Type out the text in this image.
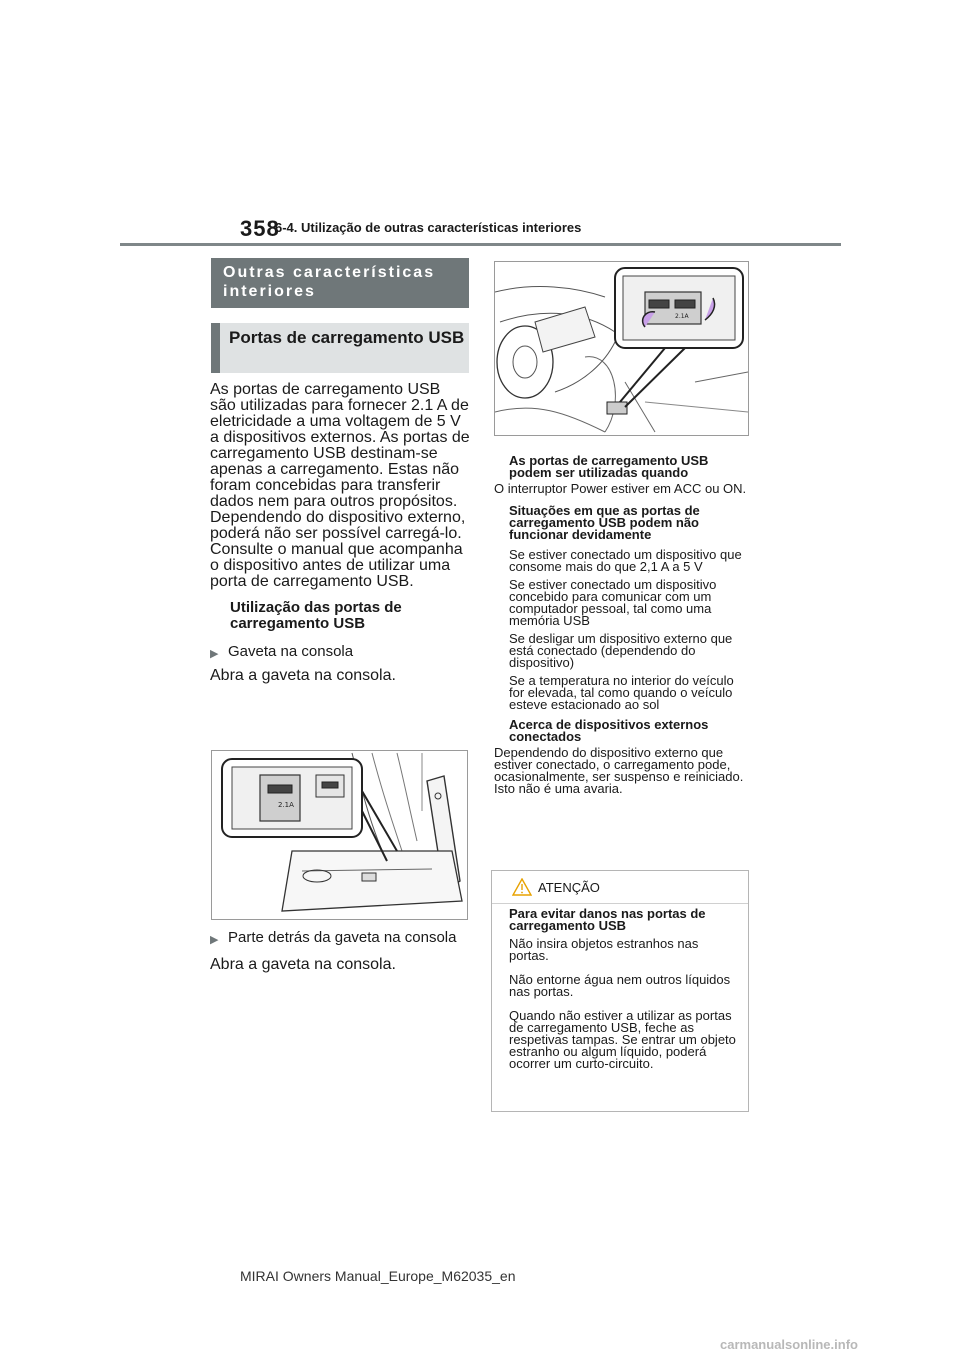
358
6-4. Utilização de outras características interiores
Outras características interiores
Portas de carregamento USB

As portas de carregamento USB são utilizadas para fornecer 2.1 A de eletricidade a uma voltagem de 5 V a dispositivos externos. As portas de carregamento USB destinam-se apenas a carregamento. Estas não foram concebidas para transferir dados nem para outros propósitos. Dependendo do dispositivo externo, poderá não ser possível carregá-lo. Consulte o manual que acompanha o dispositivo antes de utilizar uma porta de carregamento USB.

Utilização das portas de carregamento USB

▶ Gaveta na consola

Abra a gaveta na consola.

2.1A
▶ Parte detrás da gaveta na consola

Abra a gaveta na consola.

2.1A

As portas de carregamento USB podem ser utilizadas quando

O interruptor Power estiver em ACC ou ON.

Situações em que as portas de carregamento USB podem não funcionar devidamente

Se estiver conectado um dispositivo que consome mais do que 2,1 A a 5 V

Se estiver conectado um dispositivo concebido para comunicar com um computador pessoal, tal como uma memória USB

Se desligar um dispositivo externo que está conectado (dependendo do dispositivo)

Se a temperatura no interior do veículo for elevada, tal como quando o veículo esteve estacionado ao sol

Acerca de dispositivos externos conectados

Dependendo do dispositivo externo que estiver conectado, o carregamento pode, ocasionalmente, ser suspenso e reiniciado. Isto não é uma avaria.

ATENÇÃO

Para evitar danos nas portas de carregamento USB

Não insira objetos estranhos nas portas.

Não entorne água nem outros líquidos nas portas.

Quando não estiver a utilizar as portas de carregamento USB, feche as respetivas tampas. Se entrar um objeto estranho ou algum líquido, poderá ocorrer um curto-circuito.

MIRAI Owners Manual_Europe_M62035_en
carmanualsonline.info
